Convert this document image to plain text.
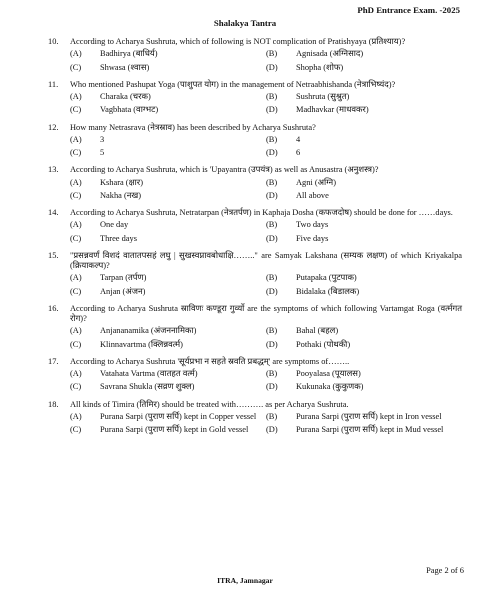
PhD Entrance Exam. -2025
Shalakya Tantra
10.	According to Acharya Sushruta, which of following is NOT complication of Pratishyaya (प्रतिश्याय)?
(A)	Badhirya (बाधिर्य)	(B)	Agnisada (अग्निसाद)
(C)	Shwasa (श्वास)	(D)	Shopha (शोफ)
11.	Who mentioned Pashupat Yoga (पाशुपत योग) in the management of Netraabhishanda (नेत्राभिष्यंद)?
(A)	Charaka (चरक)	(B)	Sushruta (सुश्रुत)
(C)	Vagbhata (वाग्भट)	(D)	Madhavkar (माधवकर)
12.	How many Netrasrava (नेत्रस्राव) has been described by Acharya Sushruta?
(A)	3	(B)	4
(C)	5	(D)	6
13.	According to Acharya Sushruta, which is 'Upayantra (उपयंत्र) as well as Anusastra (अनुशस्त्र)?
(A)	Kshara (क्षार)	(B)	Agni (अग्नि)
(C)	Nakha (नख)	(D)	All above
14.	According to Acharya Sushruta, Netratarpan (नेत्रतर्पण) in Kaphaja Dosha (कफजदोष) should be done for ……days.
(A)	One day	(B)	Two days
(C)	Three days	(D)	Five days
15.	"प्रसन्नवर्णं विशदं वातातपसहं लघु | सुखस्वप्नावबोधाक्षि…….." are Samyak Lakshana (सम्यक लक्षण) of which Kriyakalpa (क्रियाकल्प)?
(A)	Tarpan (तर्पण)	(B)	Putapaka (पुटपाक)
(C)	Anjan (अंजन)	(D)	Bidalaka (बिडालक)
16.	According to Acharya Sushruta स्राविणः कण्डूरा गुर्व्यो are the symptoms of which following Vartamgat Roga (वर्त्मगत रोग)?
(A)	Anjananamika (अंजननामिका)	(B)	Bahal (बहल)
(C)	Klinnavartma (क्लिन्नवर्त्म)	(D)	Pothaki (पोथकी)
17.	According to Acharya Sushruta 'सूर्यप्रभा न सहते स्रवति प्रबद्धम्' are symptoms of……..
(A)	Vatahata Vartma (वातहत वर्त्म)	(B)	Pooyalasa (पूयालस)
(C)	Savrana Shukla (सव्रण शुक्ल)	(D)	Kukunaka (कुकुणक)
18.	All kinds of Timira (तिमिर) should be treated with………. as per Acharya Sushruta.
(A)	Purana Sarpi (पुराण सर्पि) kept in Copper vessel	(B)	Purana Sarpi (पुराण सर्पि) kept in Iron vessel
(C)	Purana Sarpi (पुराण सर्पि) kept in Gold vessel	(D)	Purana Sarpi (पुराण सर्पि) kept in Mud vessel
Page 2 of 6
ITRA, Jamnagar
